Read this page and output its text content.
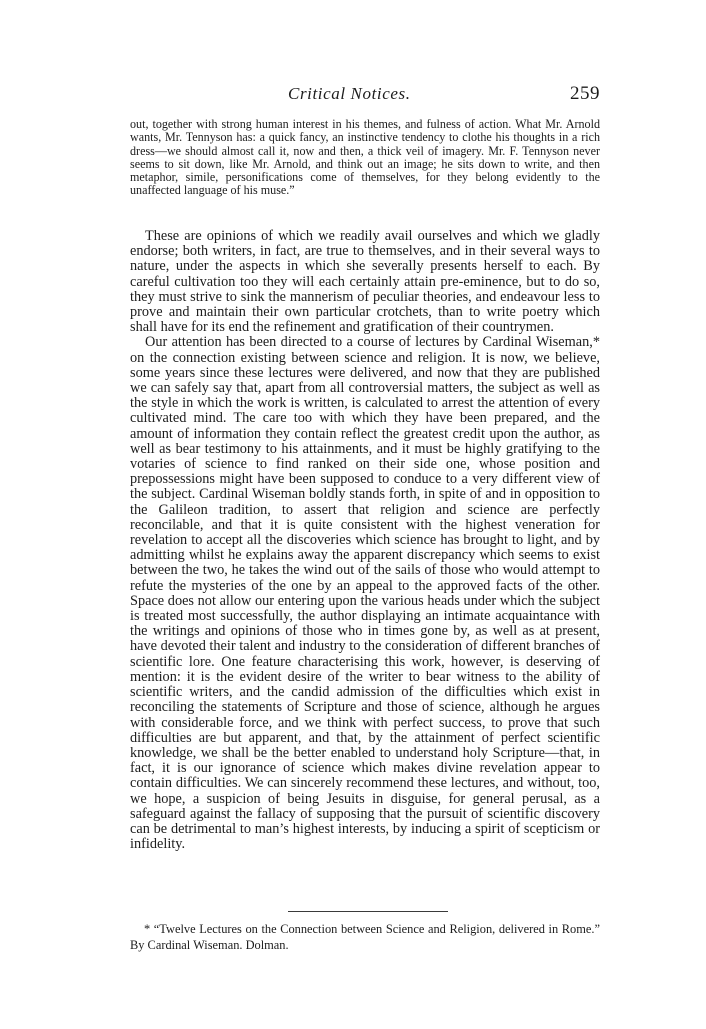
Critical Notices.	259

out, together with strong human interest in his themes, and fulness of action. What Mr. Arnold wants, Mr. Tennyson has: a quick fancy, an instinctive tendency to clothe his thoughts in a rich dress—we should almost call it, now and then, a thick veil of imagery. Mr. F. Tennyson never seems to sit down, like Mr. Arnold, and think out an image; he sits down to write, and then metaphor, simile, personifications come of themselves, for they belong evidently to the unaffected language of his muse.”

These are opinions of which we readily avail ourselves and which we gladly endorse; both writers, in fact, are true to themselves, and in their several ways to nature, under the aspects in which she severally presents herself to each. By careful cultivation too they will each certainly attain pre-eminence, but to do so, they must strive to sink the mannerism of peculiar theories, and endeavour less to prove and maintain their own particular crotchets, than to write poetry which shall have for its end the refinement and gratification of their countrymen.

Our attention has been directed to a course of lectures by Cardinal Wiseman,* on the connection existing between science and religion. It is now, we believe, some years since these lectures were delivered, and now that they are published we can safely say that, apart from all controversial matters, the subject as well as the style in which the work is written, is calculated to arrest the attention of every cultivated mind. The care too with which they have been prepared, and the amount of information they contain reflect the greatest credit upon the author, as well as bear testimony to his attainments, and it must be highly gratifying to the votaries of science to find ranked on their side one, whose position and prepossessions might have been supposed to conduce to a very different view of the subject. Cardinal Wiseman boldly stands forth, in spite of and in opposition to the Galileon tradition, to assert that religion and science are perfectly reconcilable, and that it is quite consistent with the highest veneration for revelation to accept all the discoveries which science has brought to light, and by admitting whilst he explains away the apparent discrepancy which seems to exist between the two, he takes the wind out of the sails of those who would attempt to refute the mysteries of the one by an appeal to the approved facts of the other. Space does not allow our entering upon the various heads under which the subject is treated most successfully, the author displaying an intimate acquaintance with the writings and opinions of those who in times gone by, as well as at present, have devoted their talent and industry to the consideration of different branches of scientific lore. One feature characterising this work, however, is deserving of mention: it is the evident desire of the writer to bear witness to the ability of scientific writers, and the candid admission of the difficulties which exist in reconciling the statements of Scripture and those of science, although he argues with considerable force, and we think with perfect success, to prove that such difficulties are but apparent, and that, by the attainment of perfect scientific knowledge, we shall be the better enabled to understand holy Scripture—that, in fact, it is our ignorance of science which makes divine revelation appear to contain difficulties. We can sincerely recommend these lectures, and without, too, we hope, a suspicion of being Jesuits in disguise, for general perusal, as a safeguard against the fallacy of supposing that the pursuit of scientific discovery can be detrimental to man’s highest interests, by inducing a spirit of scepticism or infidelity.

* “Twelve Lectures on the Connection between Science and Religion, delivered in Rome.” By Cardinal Wiseman. Dolman.
